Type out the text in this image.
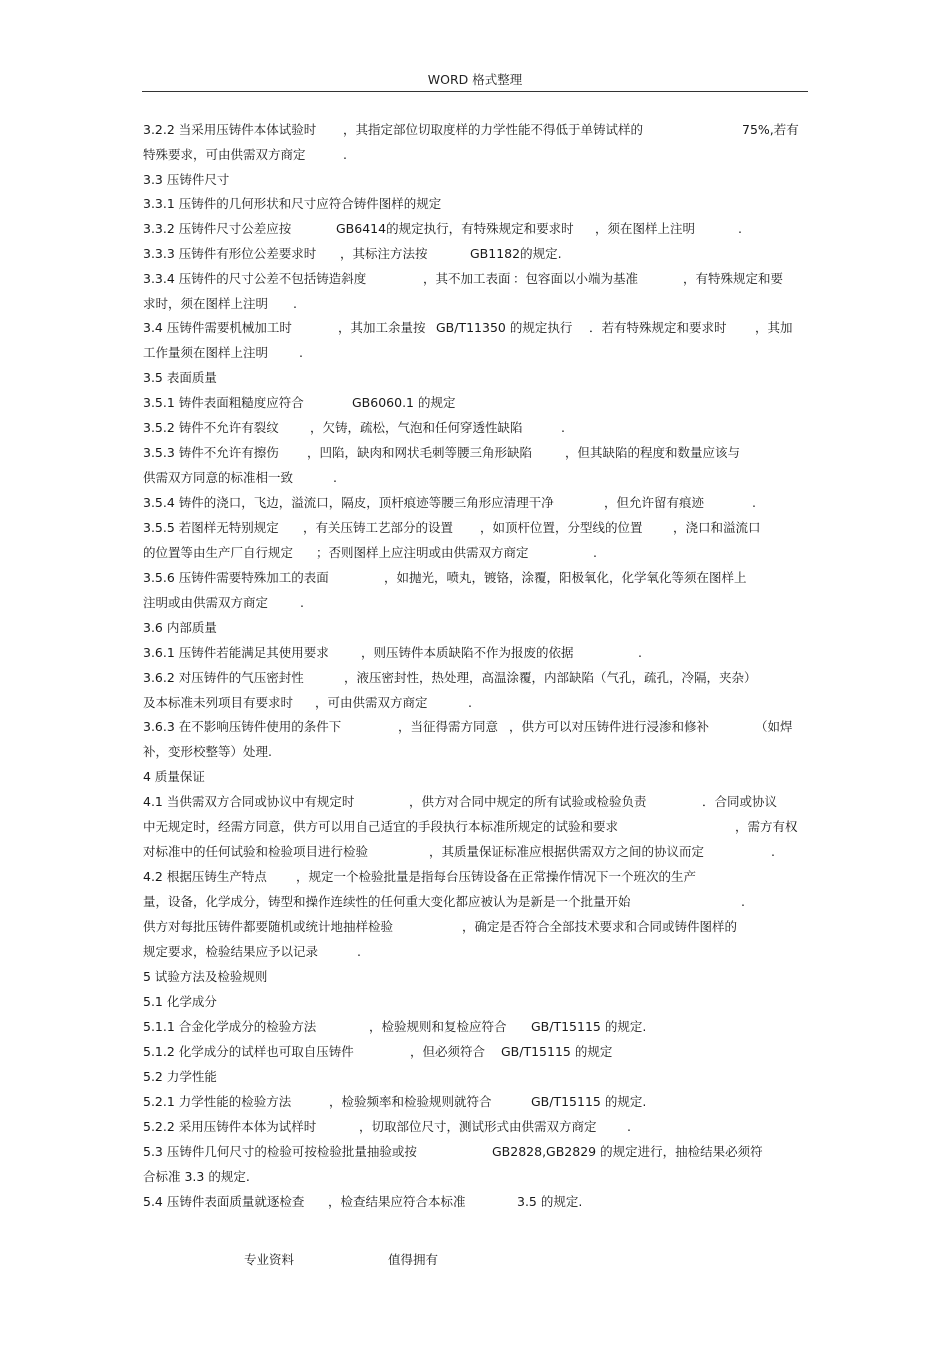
WORD 格式整理
3.2.2 当采用压铸件本体试验时 ，其指定部位切取度样的力学性能不得低于单铸试样的	75%,若有
特殊要求，可由供需双方商定	.
3.3 压铸件尺寸
3.3.1 压铸件的几何形状和尺寸应符合铸件图样的规定
3.3.2 压铸件尺寸公差应按	GB6414的规定执行，有特殊规定和要求时 ，须在图样上注明	.
3.3.3 压铸件有形位公差要求时 ，其标注方法按	GB1182的规定.
3.3.4 压铸件的尺寸公差不包括铸造斜度	，其不加工表面 ：包容面以小端为基准	，有特殊规定和要
求时，须在图样上注明 .
3.4 压铸件需要机械加工时	，其加工余量按 GB/T11350 的规定执行 ．若有特殊规定和要求时 ，其加
工作量须在图样上注明 .
3.5 表面质量
3.5.1 铸件表面粗糙度应符合	GB6060.1 的规定
3.5.2 铸件不允许有裂纹 ，欠铸，疏松，气泡和任何穿透性缺陷	.
3.5.3 铸件不允许有擦伤 ，凹陷，缺肉和网状毛刺等腰三角形缺陷	，但其缺陷的程度和数量应该与
供需双方同意的标准相一致	.
3.5.4 铸件的浇口，飞边，溢流口，隔皮，顶杆痕迹等腰三角形应清理干净	，但允许留有痕迹	.
3.5.5 若图样无特别规定 ，有关压铸工艺部分的设置 ，如顶杆位置，分型线的位置 ，浇口和溢流口
的位置等由生产厂自行规定 ；否则图样上应注明或由供需双方商定	.
3.5.6 压铸件需要特殊加工的表面	，如抛光，喷丸，镀铬，涂覆，阳极氧化，化学氧化等须在图样上
注明或由供需双方商定	.
3.6 内部质量
3.6.1 压铸件若能满足其使用要求	，则压铸件本质缺陷不作为报废的依据	.
3.6.2 对压铸件的气压密封性	，液压密封性，热处理，高温涂覆，内部缺陷（气孔，疏孔，冷隔，夹杂）
及本标准未列项目有要求时 ，可由供需双方商定	.
3.6.3 在不影响压铸件使用的条件下	，当征得需方同意 ，供方可以对压铸件进行浸渗和修补	（如焊
补，变形校整等）处理.
4 质量保证
4.1 当供需双方合同或协议中有规定时	，供方对合同中规定的所有试验或检验负责	．合同或协议
中无规定时，经需方同意，供方可以用自己适宜的手段执行本标准所规定的试验和要求	，需方有权
对标准中的任何试验和检验项目进行检验	，其质量保证标准应根据供需双方之间的协议而定	.
4.2 根据压铸生产特点 ，规定一个检验批量是指每台压铸设备在正常操作情况下一个班次的生产
量，设备，化学成分，铸型和操作连续性的任何重大变化都应被认为是新是一个批量开始	.
供方对每批压铸件都要随机或统计地抽样检验	，确定是否符合全部技术要求和合同或铸件图样的
规定要求，检验结果应予以记录	.
5 试验方法及检验规则
5.1 化学成分
5.1.1 合金化学成分的检验方法	，检验规则和复检应符合 GB/T15115 的规定.
5.1.2 化学成分的试样也可取自压铸件	，但必须符合 GB/T15115 的规定
5.2 力学性能
5.2.1 力学性能的检验方法	，检验频率和检验规则就符合	GB/T15115 的规定.
5.2.2 采用压铸件本体为试样时	，切取部位尺寸，测试形式由供需双方商定 .
5.3 压铸件几何尺寸的检验可按检验批量抽验或按	GB2828,GB2829 的规定进行，抽检结果必须符
合标准 3.3 的规定.
5.4 压铸件表面质量就逐检查 ，检查结果应符合本标准	3.5 的规定.
专业资料	值得拥有
